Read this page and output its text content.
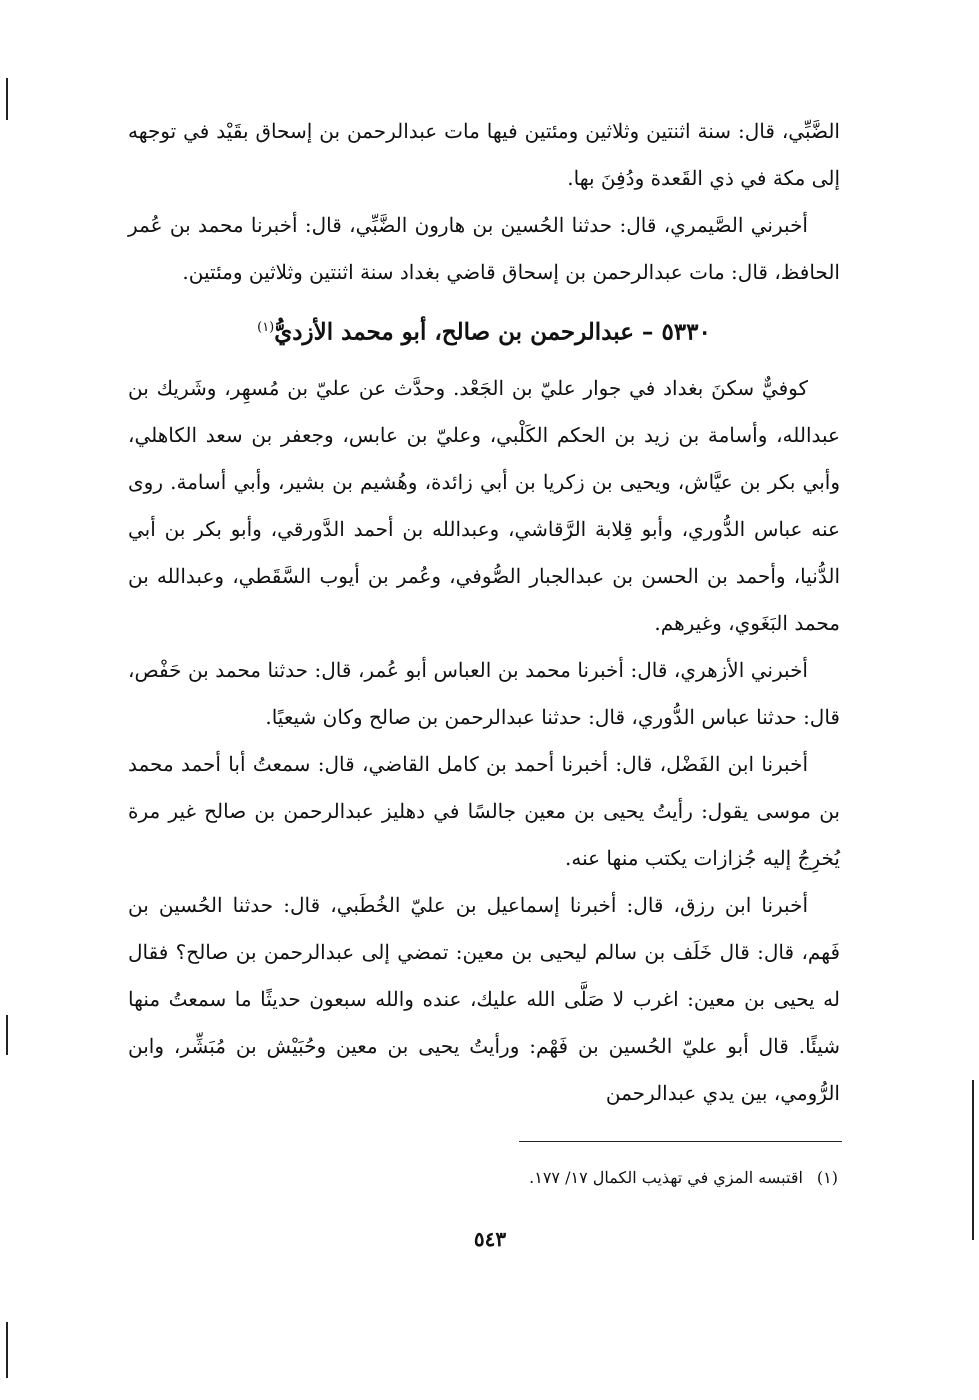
الضَّبِّي، قال: سنة اثنتين وثلاثين ومئتين فيها مات عبدالرحمن بن إسحاق بقَيْد في توجهه إلى مكة في ذي القَعدة ودُفِنَ بها.

أخبرني الصَّيمري، قال: حدثنا الحُسين بن هارون الضَّبِّي، قال: أخبرنا محمد بن عُمر الحافظ، قال: مات عبدالرحمن بن إسحاق قاضي بغداد سنة اثنتين وثلاثين ومئتين.

٥٣٣٠ – عبدالرحمن بن صالح، أبو محمد الأزديُّ$^{(١)}$

كوفيٌّ سكنَ بغداد في جوار عليّ بن الجَعْد. وحدَّث عن عليّ بن مُسهِر، وشَريك بن عبدالله، وأسامة بن زيد بن الحكم الكَلْبي، وعليّ بن عابس، وجعفر بن سعد الكاهلي، وأبي بكر بن عيَّاش، ويحيى بن زكريا بن أبي زائدة، وهُشيم بن بشير، وأبي أسامة. روى عنه عباس الدُّوري، وأبو قِلابة الرَّقاشي، وعبدالله بن أحمد الدَّورقي، وأبو بكر بن أبي الدُّنيا، وأحمد بن الحسن بن عبدالجبار الصُّوفي، وعُمر بن أيوب السَّقَطي، وعبدالله بن محمد البَغَوي، وغيرهم.

أخبرني الأزهري، قال: أخبرنا محمد بن العباس أبو عُمر، قال: حدثنا محمد بن حَفْص، قال: حدثنا عباس الدُّوري، قال: حدثنا عبدالرحمن بن صالح وكان شيعيًا.

أخبرنا ابن الفَضْل، قال: أخبرنا أحمد بن كامل القاضي، قال: سمعتُ أبا أحمد محمد بن موسى يقول: رأيتُ يحيى بن معين جالسًا في دهليز عبدالرحمن بن صالح غير مرة يُخرِجُ إليه جُزازات يكتب منها عنه.

أخبرنا ابن رزق، قال: أخبرنا إسماعيل بن عليّ الخُطَبي، قال: حدثنا الحُسين بن فَهم، قال: قال خَلَف بن سالم ليحيى بن معين: تمضي إلى عبدالرحمن بن صالح؟ فقال له يحيى بن معين: اغرب لا صَلَّى الله عليك، عنده والله سبعون حديثًا ما سمعتُ منها شيئًا. قال أبو عليّ الحُسين بن فَهْم: ورأيتُ يحيى بن معين وحُبَيْش بن مُبَشِّر، وابن الرُّومي، بين يدي عبدالرحمن

(١)اقتبسه المزي في تهذيب الكمال ١٧/ ١٧٧.
٥٤٣
